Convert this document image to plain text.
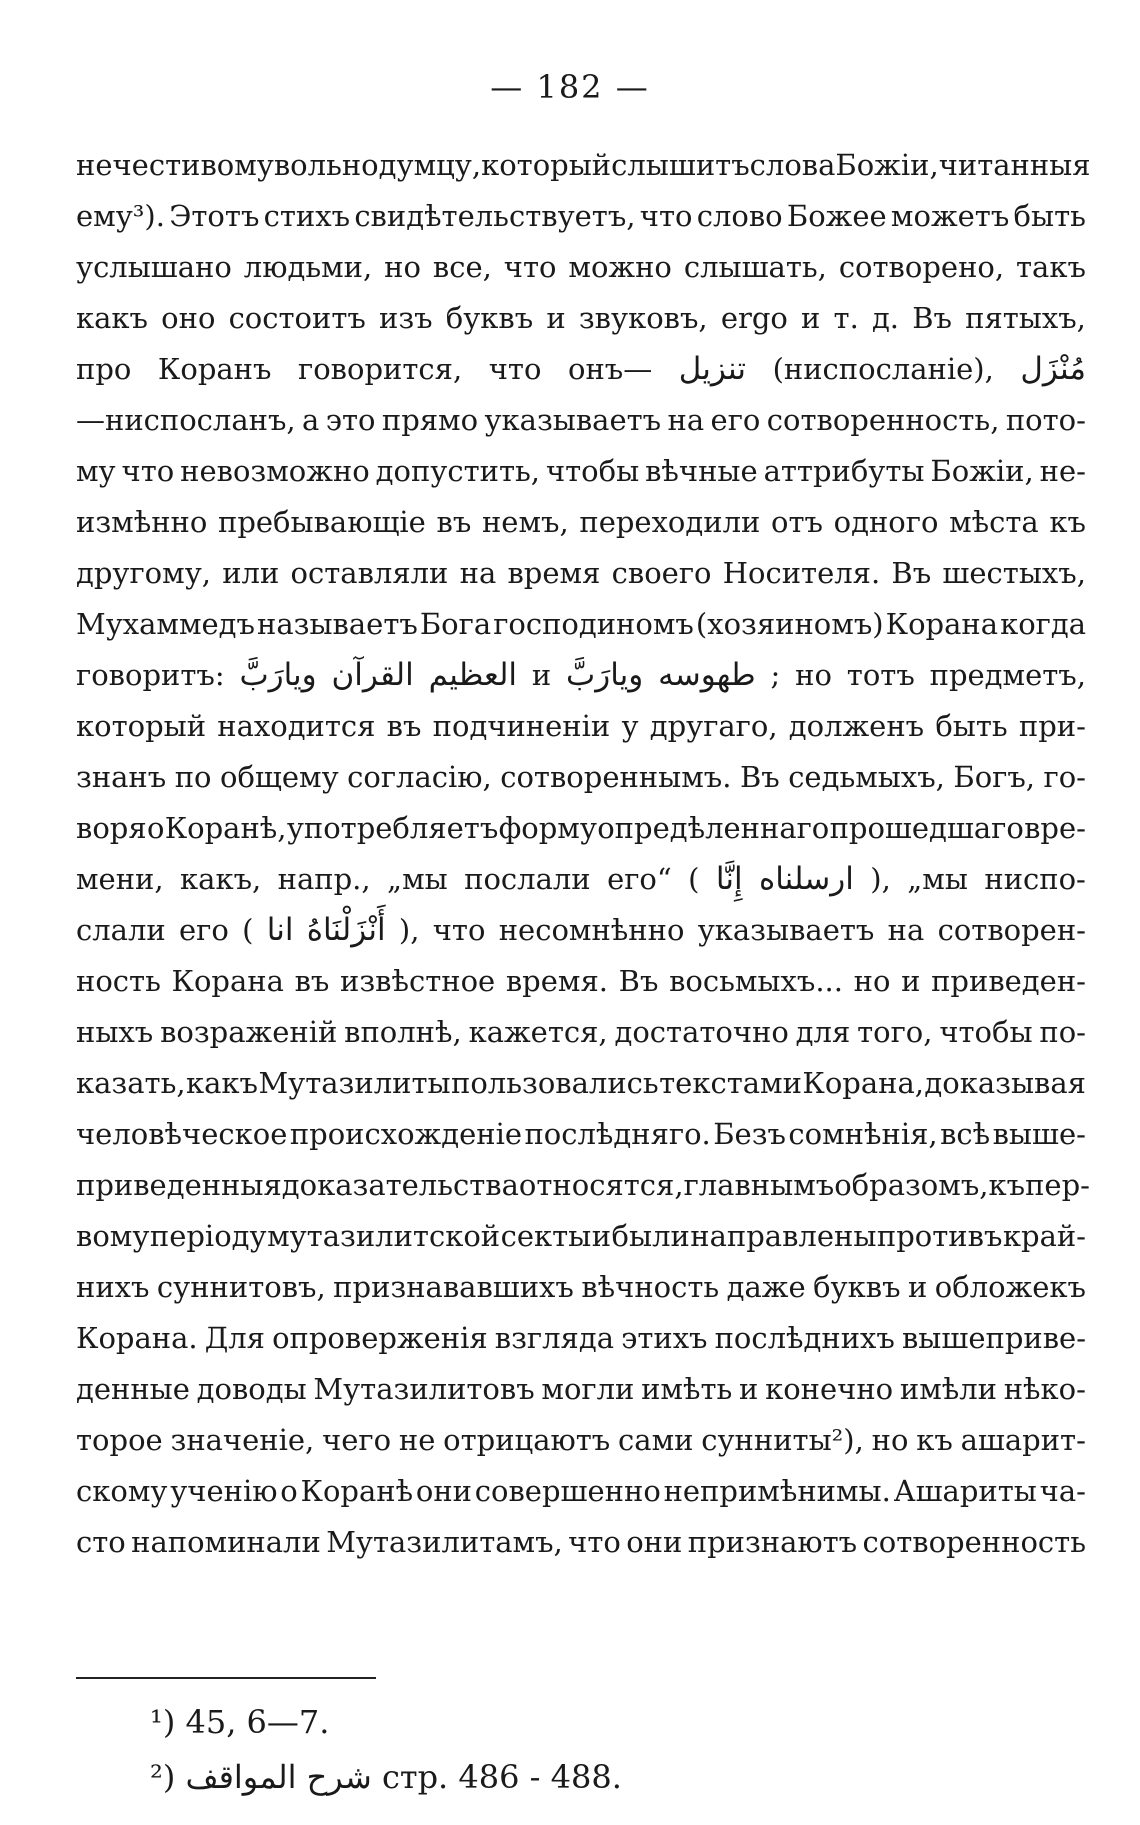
— 182 —
нечестивому вольнодумцу, который слышитъ слова Божiи, читанныя
ему³). Этотъ стихъ свидѣтельствуетъ, что слово Божее можетъ быть
услышано людьми, но все, что можно слышать, сотворено, такъ
какъ оно состоитъ изъ буквъ и звуковъ, ergo и т. д. Въ пятыхъ,
про Коранъ говорится, что онъ— تنزيل (ниспосланiе), مُنْزَل
—ниспосланъ, а это прямо указываетъ на его сотворенность, пото-
му что невозможно допустить, чтобы вѣчные аттрибуты Божiи, не-
измѣнно пребывающiе въ немъ, переходили отъ одного мѣста къ
другому, или оставляли на время своего Носителя. Въ шестыхъ,
Мухаммедъ называетъ Бога господиномъ (хозяиномъ) Корана когда
говоритъ: ويارَبَّ القرآن العظيم и ويارَبَّ طهوسه ; но тотъ предметъ,
который находится въ подчиненiи у другаго, долженъ быть при-
знанъ по общему согласiю, сотвореннымъ. Въ седьмыхъ, Богъ, го-
воря о Коранѣ, употребляетъ форму опредѣленнаго прошедшаго вре-
мени, какъ, напр., „мы послали его“ ( إِنَّا ارسلناه ), „мы ниспо-
слали его ( انا أَنْزَلْنَاهُ ), что несомнѣнно указываетъ на сотворен-
ность Корана въ извѣстное время. Въ восьмыхъ... но и приведен-
ныхъ возраженiй вполнѣ, кажется, достаточно для того, чтобы по-
казать, какъ Мутазилиты пользовались текстами Корана, доказывая
человѣческое происхожденiе послѣдняго. Безъ сомнѣнiя, всѣ выше-
приведенныя доказательства относятся, главнымъ образомъ, къ пер-
вому перiоду мутазилитской секты и были направлены противъ край-
нихъ суннитовъ, признававшихъ вѣчность даже буквъ и обложекъ
Корана. Для опроверженiя взгляда этихъ послѣднихъ вышеприве-
денные доводы Мутазилитовъ могли имѣть и конечно имѣли нѣко-
торое значенiе, чего не отрицаютъ сами сунниты²), но къ ашарит-
скому ученiю о Коранѣ они совершенно непримѣнимы. Ашариты ча-
сто напоминали Мутазилитамъ, что они признаютъ сотворенность
¹) 45, 6—7.
²) شرح المواقف стр. 486 - 488.
